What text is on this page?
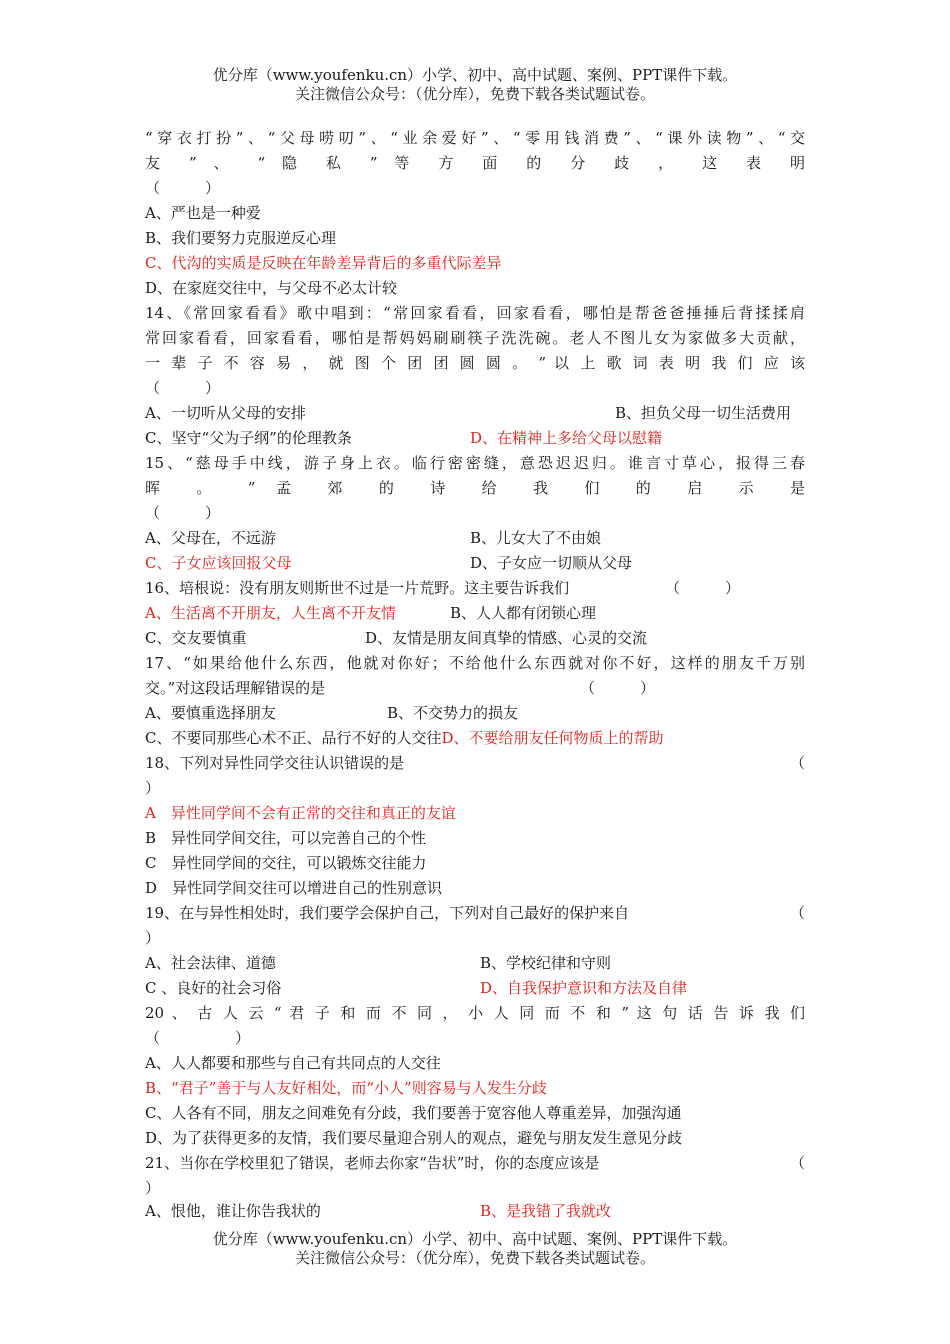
优分库（www.youfenku.cn）小学、初中、高中试题、案例、PPT课件下载。
关注微信公众号：（优分库），免费下载各类试题试卷。
“穿衣打扮”、“父母唠叨”、“业余爱好”、“零用钱消费”、“课外读物”、“交
友 ” 、 “ 隐 私 ” 等 方 面 的 分 歧 ， 这 表 明
（　　　）
A、严也是一种爱
B、我们要努力克服逆反心理
C、代沟的实质是反映在年龄差异背后的多重代际差异
D、在家庭交往中，与父母不必太计较
14、《常回家看看》歌中唱到：“常回家看看，回家看看，哪怕是帮爸爸捶捶后背揉揉肩
常回家看看，回家看看，哪怕是帮妈妈刷刷筷子洗洗碗。老人不图儿女为家做多大贡献，
一 辈 子 不 容 易 ， 就 图 个 团 团 圆 圆 。 ” 以 上 歌 词 表 明 我 们 应 该
（　　　）
A、一切听从父母的安排	B、担负父母一切生活费用
C、坚守“父为子纲”的伦理教条	D、在精神上多给父母以慰籍
15、“慈母手中线，游子身上衣。临行密密缝，意恐迟迟归。谁言寸草心，报得三春
晖 。 ” 孟 郊 的 诗 给 我 们 的 启 示 是
（　　　）
A、父母在，不远游	B、儿女大了不由娘
C、子女应该回报父母	D、子女应一切顺从父母
16、培根说：没有朋友则斯世不过是一片荒野。这主要告诉我们	（　　　）
A、生活离不开朋友，人生离不开友情	B、人人都有闭锁心理
C、交友要慎重	D、友情是朋友间真挚的情感、心灵的交流
17、“如果给他什么东西，他就对你好；不给他什么东西就对你不好，这样的朋友千万别
交。”对这段话理解错误的是	（　　　）
A、要慎重选择朋友	B、不交势力的损友
C、不要同那些心术不正、品行不好的人交往D、不要给朋友任何物质上的帮助
18、下列对异性同学交往认识错误的是	（
）
A　异性同学间不会有正常的交往和真正的友谊
B　异性同学间交往，可以完善自己的个性
C　异性同学间的交往，可以锻炼交往能力
D　异性同学间交往可以增进自己的性别意识
19、在与异性相处时，我们要学会保护自己，下列对自己最好的保护来自	（
）
A、社会法律、道德	B、学校纪律和守则
C 、良好的社会习俗	D、自我保护意识和方法及自律
20 、 古 人 云 “ 君 子 和 而 不 同 ， 小 人 同 而 不 和 ” 这 句 话 告 诉 我 们
（　　　　　）
A、人人都要和那些与自己有共同点的人交往
B、“君子”善于与人友好相处，而“小人”则容易与人发生分歧
C、人各有不同，朋友之间难免有分歧，我们要善于宽容他人尊重差异，加强沟通
D、为了获得更多的友情，我们要尽量迎合别人的观点，避免与朋友发生意见分歧
21、当你在学校里犯了错误，老师去你家“告状”时，你的态度应该是	（
）
A、恨他，谁让你告我状的	B、是我错了我就改
优分库（www.youfenku.cn）小学、初中、高中试题、案例、PPT课件下载。
关注微信公众号：（优分库），免费下载各类试题试卷。
